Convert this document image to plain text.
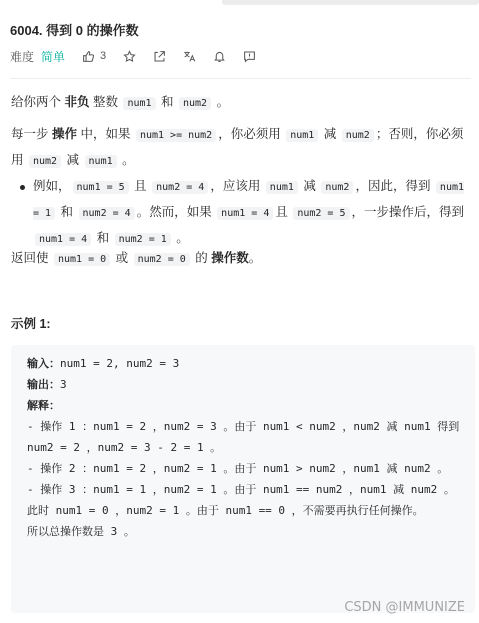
6004. 得到 0 的操作数
难度 简单	3

给你两个 非负 整数 num1 和 num2 。

每一步 操作 中，如果 num1 >= num2 ，你必须用 num1 减 num2 ；否则，你必须用 num2 减 num1 。

例如， num1 = 5 且 num2 = 4 ，应该用 num1 减 num2 ，因此，得到 num1 = 1 和 num2 = 4 。然而，如果 num1 = 4 且 num2 = 5 ，一步操作后，得到 num1 = 4 和 num2 = 1 。

返回使 num1 = 0 或 num2 = 0 的 操作数。

示例 1:
输入：num1 = 2, num2 = 3
输出：3
解释：
- 操作 1 ：num1 = 2 ，num2 = 3 。由于 num1 < num2 ，num2 减 num1 得到 num2 = 2 ，num2 = 3 - 2 = 1 。
- 操作 2 ：num1 = 2 ，num2 = 1 。由于 num1 > num2 ，num1 减 num2 。
- 操作 3 ：num1 = 1 ，num2 = 1 。由于 num1 == num2 ，num1 减 num2 。
此时 num1 = 0 ，num2 = 1 。由于 num1 == 0 ，不需要再执行任何操作。
所以总操作数是 3 。
CSDN @IMMUNIZE
